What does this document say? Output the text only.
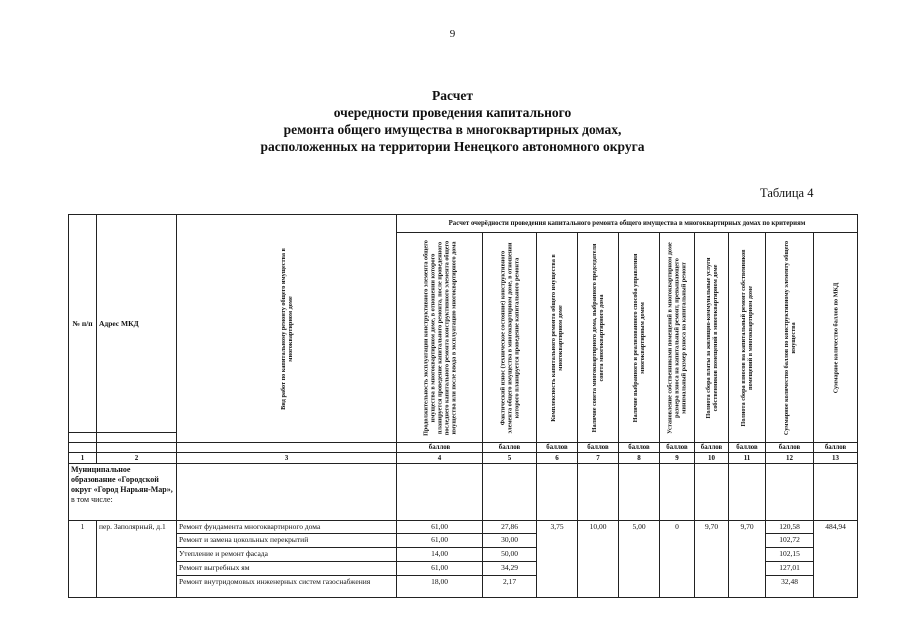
9
Расчет
очередности проведения капитального
ремонта общего имущества в многоквартирных домах,
расположенных на территории Ненецкого автономного округа
Таблица 4
№ п/п	Адрес МКД	Вид работ по капитальному ремонту общего имущества в многоквартирном доме	Расчет очерёдности проведения капитального ремонта общего имущества в многоквартирных домах по критериям									

			Продолжительность эксплуатации конструктивного элемента общего имущества в многоквартирном доме, в отношении которого планируется проведение капитального ремонта, после проведенного последнего капитального ремонта конструктивного элемента общего имущества или после ввода в эксплуатацию многоквартирного дома	Фактический износ (техническое состояние) конструктивного элемента общего имущества в многоквартирном доме, в отношении которого планируется проведение капитального ремонта	Комплексность капитального ремонта общего имущества в многоквартирном доме	Наличие совета многоквартирного дома, выбранного председателя совета многоквартирного дома	Наличие выбранного и реализованного способа управления многоквартирным домом	Установление собственниками помещений в многоквартирном доме размера взноса на капитальный ремонт, превышающего минимальный размер взноса на капитальный ремонт	Полнота сбора платы за жилищно-коммунальные услуги собственников помещений в многоквартирном доме	Полнота сбора взносов на капитальный ремонт собственников помещений в многоквартирном доме	Суммарное количество баллов по конструктивному элементу общего имущества	Суммарное количество баллов по МКД

			баллов	баллов	баллов	баллов	баллов	баллов	баллов	баллов	баллов	баллов
1	2	3	4	5	6	7	8	9	10	11	12	13

Муниципальное образование «Городской округ «Город Нарьян-Мар»,
в том числе:												

1	пер. Заполярный, д.1	Ремонт фундамента многоквартирного дома	61,00	27,86	3,75	10,00	5,00	0	9,70	9,70	120,58	484,94
		Ремонт и замена цокольных перекрытий	61,00	30,00							102,72	
		Утепление и ремонт фасада	14,00	50,00							102,15	
		Ремонт выгребных ям	61,00	34,29							127,01	
		Ремонт внутридомовых инженерных систем газоснабжения	18,00	2,17							32,48	
